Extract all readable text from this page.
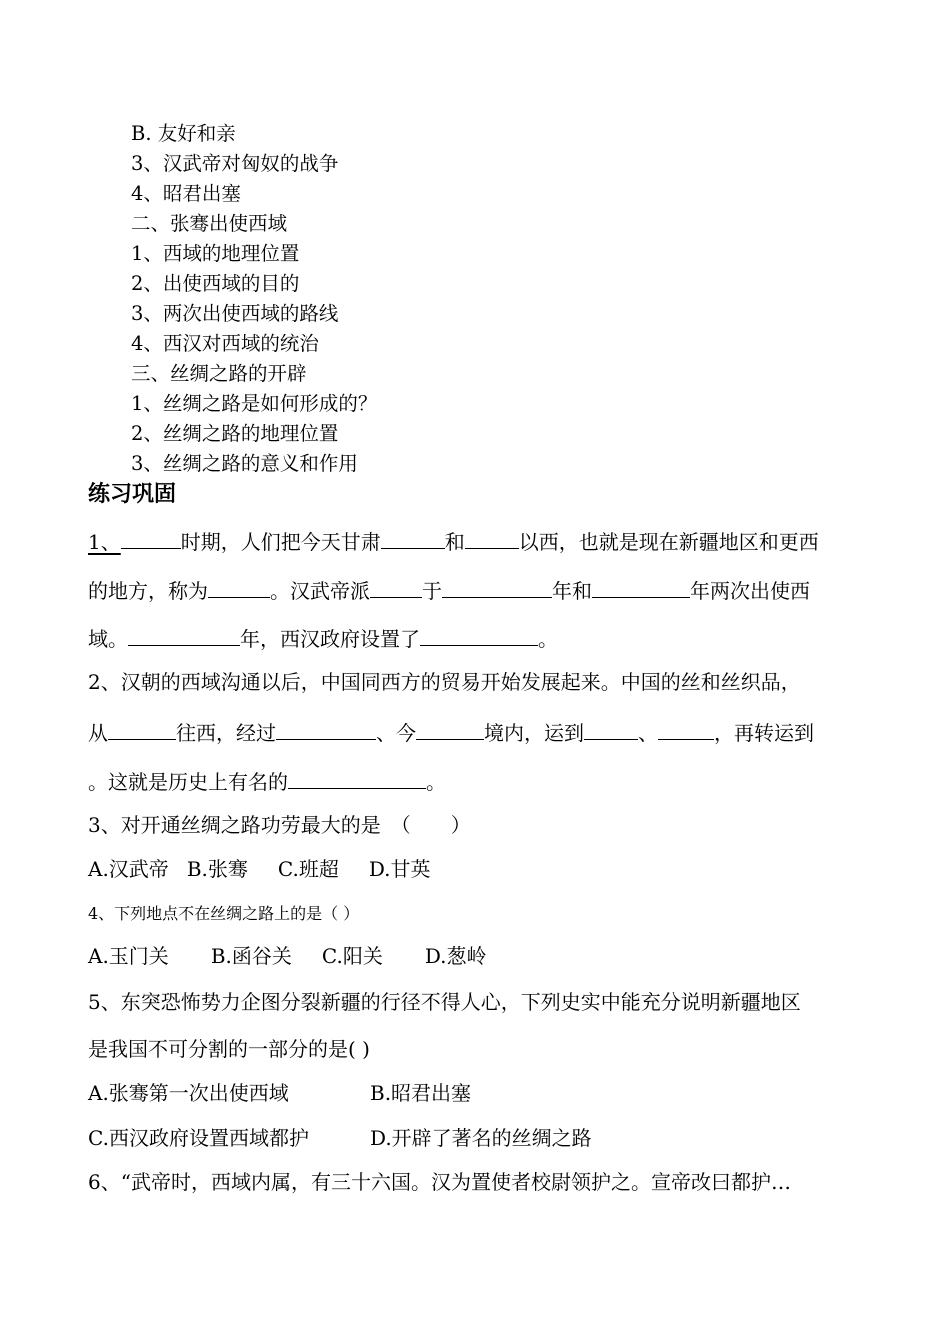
B. 友好和亲
3、汉武帝对匈奴的战争
4、昭君出塞
二、张骞出使西域
1、西域的地理位置
2、出使西域的目的
3、两次出使西域的路线
4、西汉对西域的统治
三、丝绸之路的开辟
1、丝绸之路是如何形成的？
2、丝绸之路的地理位置
3、丝绸之路的意义和作用
练习巩固
1、	时期，人们把今天甘肃	和	以西，也就是现在新疆地区和更西
的地方，称为	。汉武帝派	于	年和	年两次出使西
域。	年，西汉政府设置了	。
2、汉朝的西域沟通以后，中国同西方的贸易开始发展起来。中国的丝和丝织品，
从	往西，经过	、今	境内，运到	、	，再转运到
。这就是历史上有名的	。
3、对开通丝绸之路功劳最大的是　（　　）
A.汉武帝 B.张骞 C.班超 D.甘英
4、下列地点不在丝绸之路上的是（ ）
A.玉门关 B.函谷关 C.阳关 D.葱岭
5、东突恐怖势力企图分裂新疆的行径不得人心，下列史实中能充分说明新疆地区
是我国不可分割的一部分的是( )
A.张骞第一次出使西域	B.昭君出塞
C.西汉政府设置西域都护	D.开辟了著名的丝绸之路
6、“武帝时，西域内属，有三十六国。汉为置使者校尉领护之。宣帝改曰都护…
